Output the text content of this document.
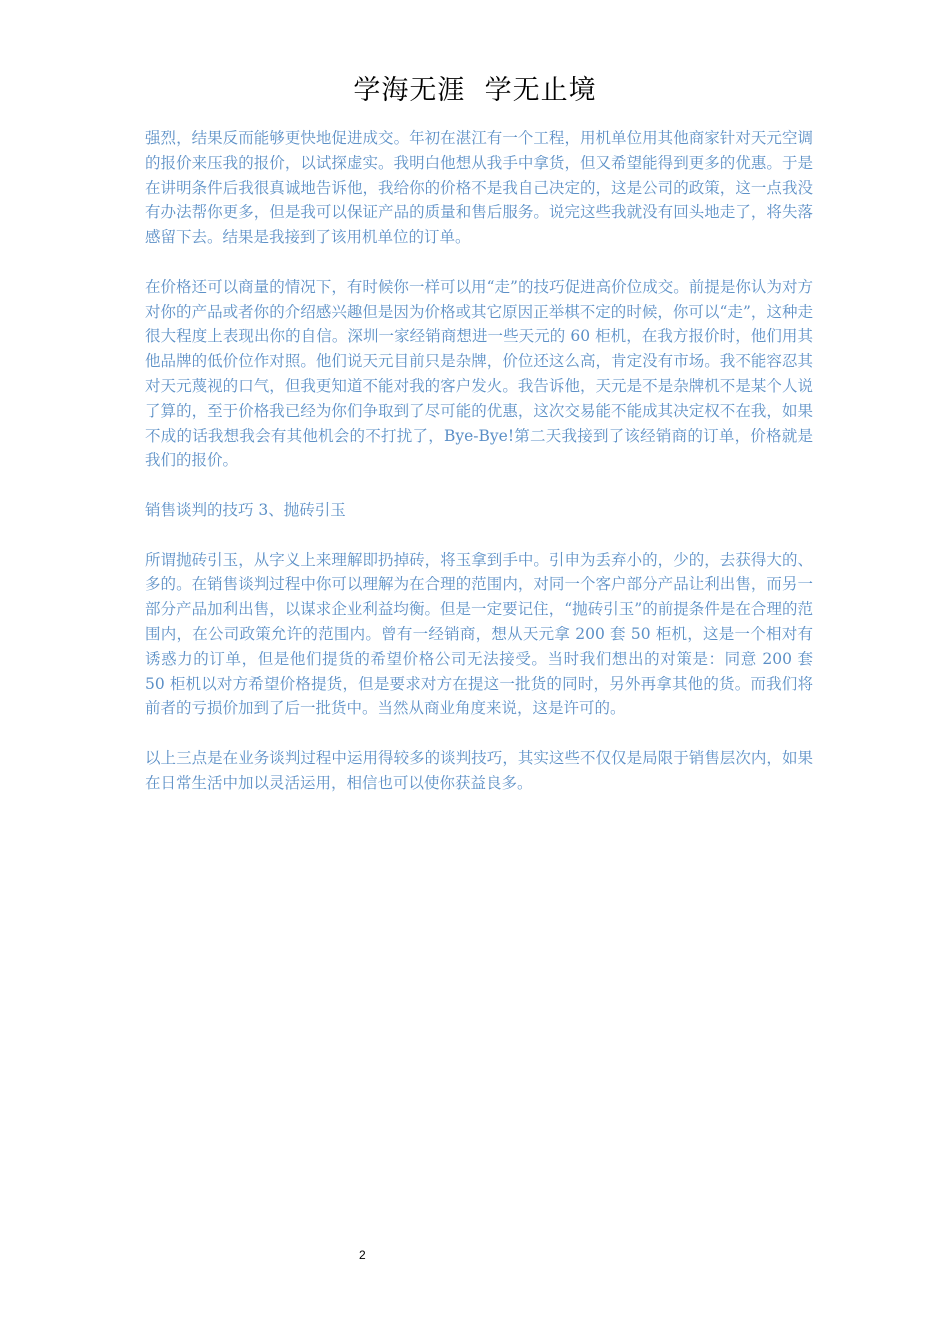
学海无涯  学无止境

强烈，结果反而能够更快地促进成交。年初在湛江有一个工程，用机单位用其他商家针对天元空调的报价来压我的报价，以试探虚实。我明白他想从我手中拿货，但又希望能得到更多的优惠。于是在讲明条件后我很真诚地告诉他，我给你的价格不是我自己决定的，这是公司的政策，这一点我没有办法帮你更多，但是我可以保证产品的质量和售后服务。说完这些我就没有回头地走了，将失落感留下去。结果是我接到了该用机单位的订单。

在价格还可以商量的情况下，有时候你一样可以用“走”的技巧促进高价位成交。前提是你认为对方对你的产品或者你的介绍感兴趣但是因为价格或其它原因正举棋不定的时候，你可以“走”，这种走很大程度上表现出你的自信。深圳一家经销商想进一些天元的 60 柜机，在我方报价时，他们用其他品牌的低价位作对照。他们说天元目前只是杂牌，价位还这么高，肯定没有市场。我不能容忍其对天元蔑视的口气，但我更知道不能对我的客户发火。我告诉他，天元是不是杂牌机不是某个人说了算的，至于价格我已经为你们争取到了尽可能的优惠，这次交易能不能成其决定权不在我，如果不成的话我想我会有其他机会的不打扰了，Bye-Bye!第二天我接到了该经销商的订单，价格就是我们的报价。

销售谈判的技巧 3、抛砖引玉

所谓抛砖引玉，从字义上来理解即扔掉砖，将玉拿到手中。引申为丢弃小的，少的，去获得大的、多的。在销售谈判过程中你可以理解为在合理的范围内，对同一个客户部分产品让利出售，而另一部分产品加利出售，以谋求企业利益均衡。但是一定要记住，“抛砖引玉”的前提条件是在合理的范围内，在公司政策允许的范围内。曾有一经销商，想从天元拿 200 套 50 柜机，这是一个相对有诱惑力的订单，但是他们提货的希望价格公司无法接受。当时我们想出的对策是：同意 200 套 50 柜机以对方希望价格提货，但是要求对方在提这一批货的同时，另外再拿其他的货。而我们将前者的亏损价加到了后一批货中。当然从商业角度来说，这是许可的。

以上三点是在业务谈判过程中运用得较多的谈判技巧，其实这些不仅仅是局限于销售层次内，如果在日常生活中加以灵活运用，相信也可以使你获益良多。

2
